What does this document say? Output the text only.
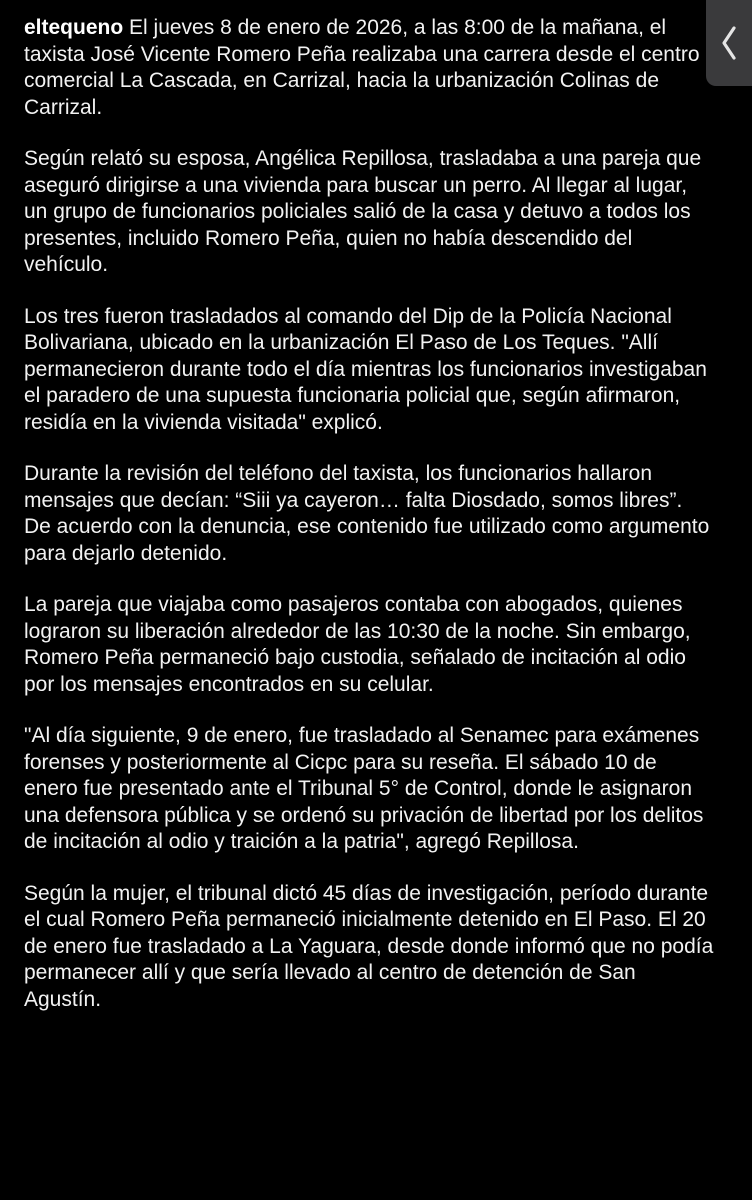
eltequeno El jueves 8 de enero de 2026, a las 8:00 de la mañana, el taxista José Vicente Romero Peña realizaba una carrera desde el centro comercial La Cascada, en Carrizal, hacia la urbanización Colinas de Carrizal.

Según relató su esposa, Angélica Repillosa, trasladaba a una pareja que aseguró dirigirse a una vivienda para buscar un perro. Al llegar al lugar, un grupo de funcionarios policiales salió de la casa y detuvo a todos los presentes, incluido Romero Peña, quien no había descendido del vehículo.

Los tres fueron trasladados al comando del Dip de la Policía Nacional Bolivariana, ubicado en la urbanización El Paso de Los Teques. "Allí permanecieron durante todo el día mientras los funcionarios investigaban el paradero de una supuesta funcionaria policial que, según afirmaron, residía en la vivienda visitada" explicó.

Durante la revisión del teléfono del taxista, los funcionarios hallaron mensajes que decían: “Siii ya cayeron… falta Diosdado, somos libres”. De acuerdo con la denuncia, ese contenido fue utilizado como argumento para dejarlo detenido.

La pareja que viajaba como pasajeros contaba con abogados, quienes lograron su liberación alrededor de las 10:30 de la noche. Sin embargo, Romero Peña permaneció bajo custodia, señalado de incitación al odio por los mensajes encontrados en su celular.

"Al día siguiente, 9 de enero, fue trasladado al Senamec para exámenes forenses y posteriormente al Cicpc para su reseña. El sábado 10 de enero fue presentado ante el Tribunal 5° de Control, donde le asignaron una defensora pública y se ordenó su privación de libertad por los delitos de incitación al odio y traición a la patria", agregó Repillosa.

Según la mujer, el tribunal dictó 45 días de investigación, período durante el cual Romero Peña permaneció inicialmente detenido en El Paso. El 20 de enero fue trasladado a La Yaguara, desde donde informó que no podía permanecer allí y que sería llevado al centro de detención de San Agustín.
